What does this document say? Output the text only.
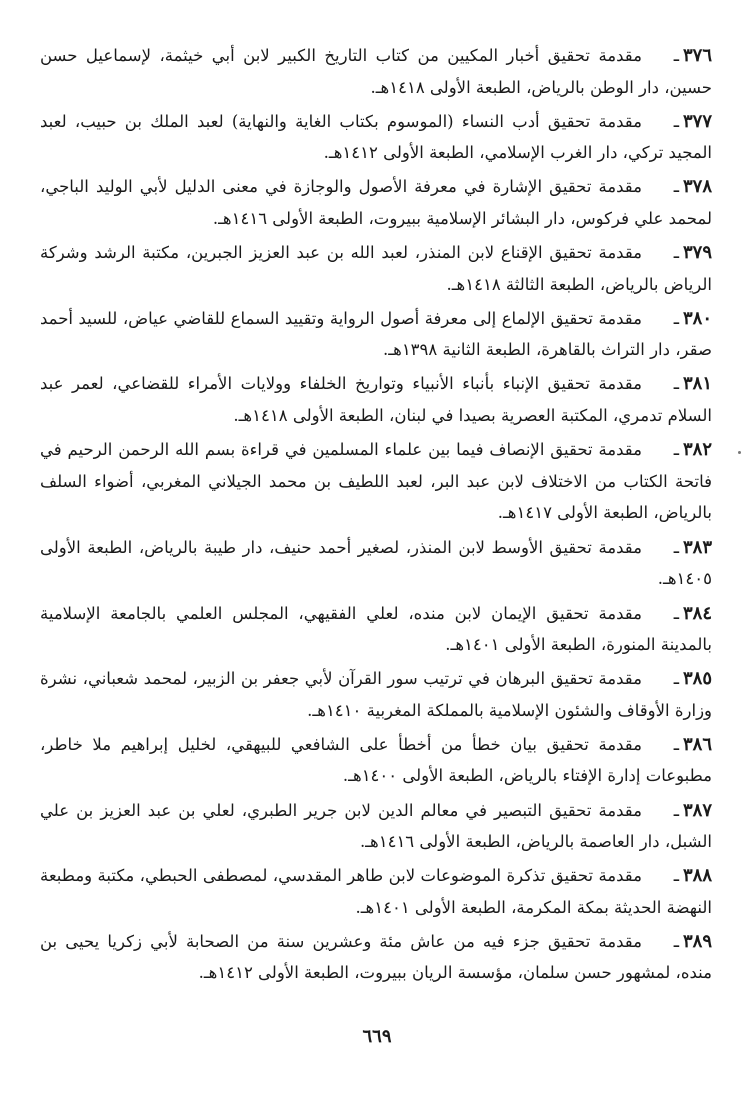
٣٧٦ـ

مقدمة تحقيق أخبار المكيين من كتاب التاريخ الكبير لابن أبي خيثمة، لإسماعيل حسن حسين، دار الوطن بالرياض، الطبعة الأولى ١٤١٨هـ.

٣٧٧ـ

مقدمة تحقيق أدب النساء (الموسوم بكتاب الغاية والنهاية) لعبد الملك بن حبيب، لعبد المجيد تركي، دار الغرب الإسلامي، الطبعة الأولى ١٤١٢هـ.

٣٧٨ـ

مقدمة تحقيق الإشارة في معرفة الأصول والوجازة في معنى الدليل لأبي الوليد الباجي، لمحمد علي فركوس، دار البشائر الإسلامية ببيروت، الطبعة الأولى ١٤١٦هـ.

٣٧٩ـ

مقدمة تحقيق الإقناع لابن المنذر، لعبد الله بن عبد العزيز الجبرين، مكتبة الرشد وشركة الرياض بالرياض، الطبعة الثالثة ١٤١٨هـ.

٣٨٠ـ

مقدمة تحقيق الإلماع إلى معرفة أصول الرواية وتقييد السماع للقاضي عياض، للسيد أحمد صقر، دار التراث بالقاهرة، الطبعة الثانية ١٣٩٨هـ.

٣٨١ـ

مقدمة تحقيق الإنباء بأنباء الأنبياء وتواريخ الخلفاء وولايات الأمراء للقضاعي، لعمر عبد السلام تدمري، المكتبة العصرية بصيدا في لبنان، الطبعة الأولى ١٤١٨هـ.

٣٨٢ـ

مقدمة تحقيق الإنصاف فيما بين علماء المسلمين في قراءة بسم الله الرحمن الرحيم في فاتحة الكتاب من الاختلاف لابن عبد البر، لعبد اللطيف بن محمد الجيلاني المغربي، أضواء السلف بالرياض، الطبعة الأولى ١٤١٧هـ.

٣٨٣ـ

مقدمة تحقيق الأوسط لابن المنذر، لصغير أحمد حنيف، دار طيبة بالرياض، الطبعة الأولى ١٤٠٥هـ.

٣٨٤ـ

مقدمة تحقيق الإيمان لابن منده، لعلي الفقيهي، المجلس العلمي بالجامعة الإسلامية بالمدينة المنورة، الطبعة الأولى ١٤٠١هـ.

٣٨٥ـ

مقدمة تحقيق البرهان في ترتيب سور القرآن لأبي جعفر بن الزبير، لمحمد شعباني، نشرة وزارة الأوقاف والشئون الإسلامية بالمملكة المغربية ١٤١٠هـ.

٣٨٦ـ

مقدمة تحقيق بيان خطأ من أخطأ على الشافعي للبيهقي، لخليل إبراهيم ملا خاطر، مطبوعات إدارة الإفتاء بالرياض، الطبعة الأولى ١٤٠٠هـ.

٣٨٧ـ

مقدمة تحقيق التبصير في معالم الدين لابن جرير الطبري، لعلي بن عبد العزيز بن علي الشبل، دار العاصمة بالرياض، الطبعة الأولى ١٤١٦هـ.

٣٨٨ـ

مقدمة تحقيق تذكرة الموضوعات لابن طاهر المقدسي، لمصطفى الحبطي، مكتبة ومطبعة النهضة الحديثة بمكة المكرمة، الطبعة الأولى ١٤٠١هـ.

٣٨٩ـ

مقدمة تحقيق جزء فيه من عاش مئة وعشرين سنة من الصحابة لأبي زكريا يحيى بن منده، لمشهور حسن سلمان، مؤسسة الريان ببيروت، الطبعة الأولى ١٤١٢هـ.

٦٦٩
